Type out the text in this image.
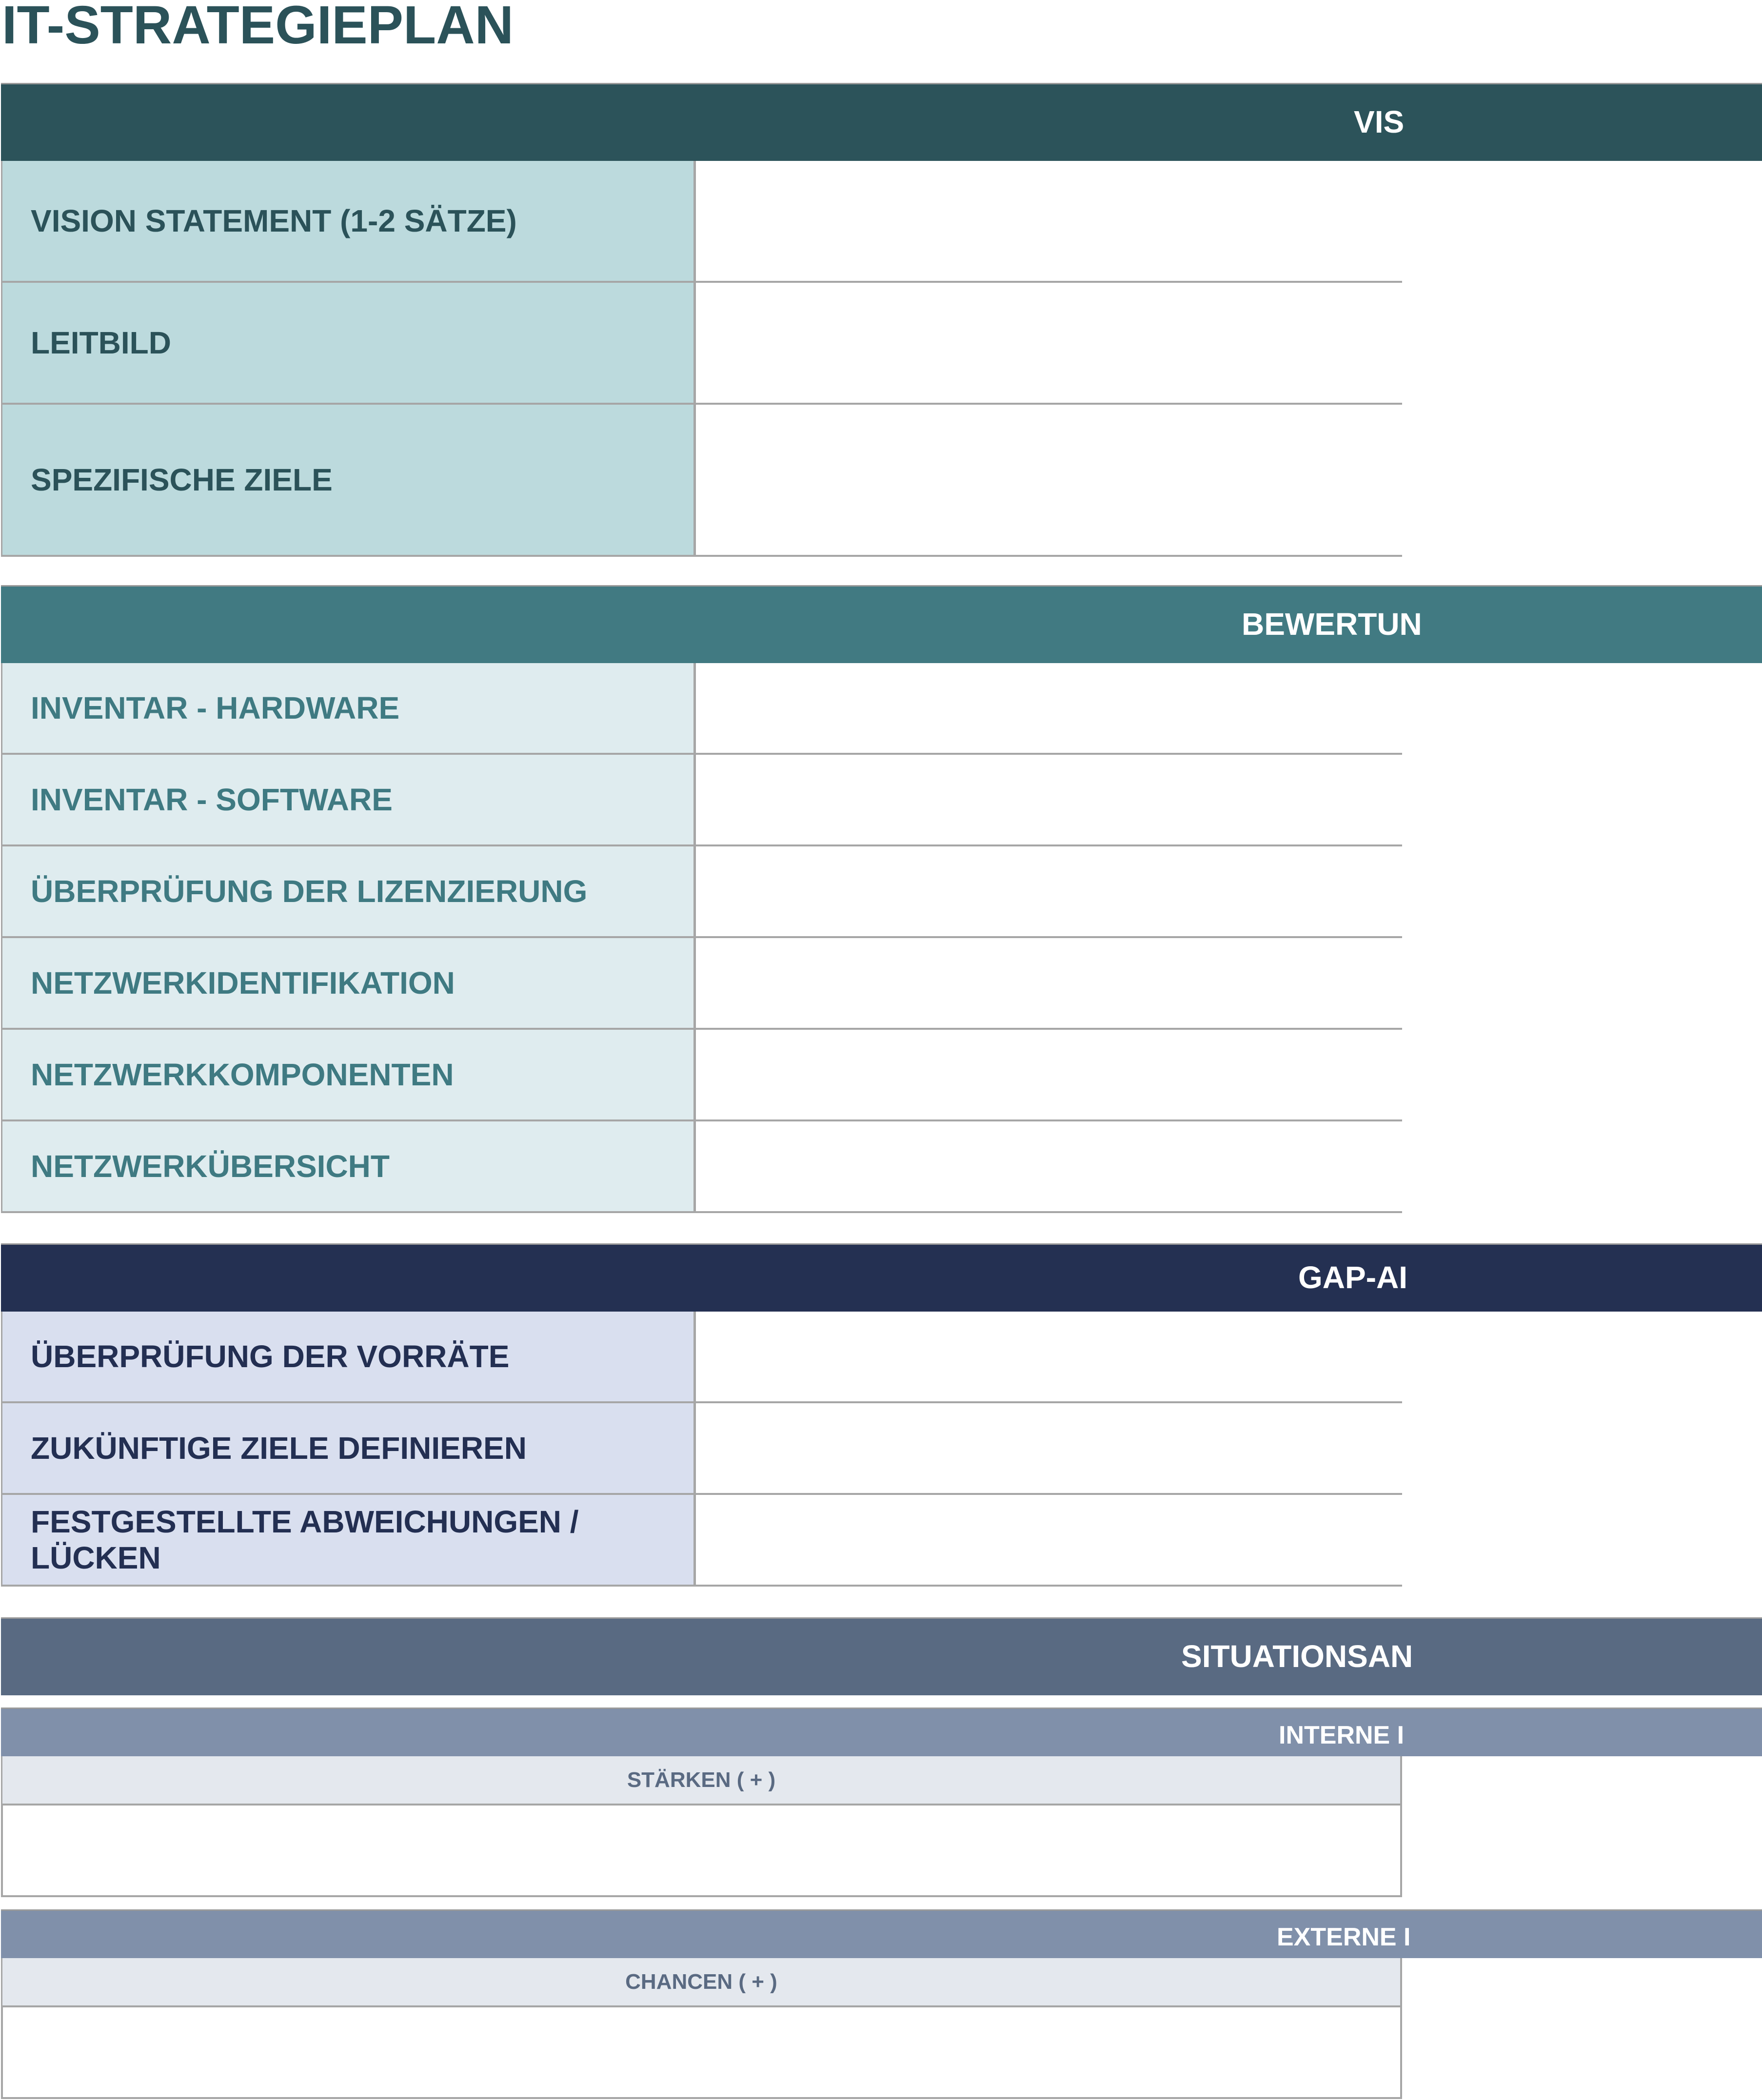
IT-STRATEGIEPLAN
VIS
VISION STATEMENT (1-2 SÄTZE)
LEITBILD
SPEZIFISCHE ZIELE
BEWERTUN
INVENTAR - HARDWARE
INVENTAR - SOFTWARE
ÜBERPRÜFUNG DER LIZENZIERUNG
NETZWERKIDENTIFIKATION
NETZWERKKOMPONENTEN
NETZWERKÜBERSICHT
GAP-AI
ÜBERPRÜFUNG DER VORRÄTE
ZUKÜNFTIGE ZIELE DEFINIEREN
FESTGESTELLTE ABWEICHUNGEN / LÜCKEN
SITUATIONSAN
INTERNE I
STÄRKEN ( + )
EXTERNE I
CHANCEN ( + )
